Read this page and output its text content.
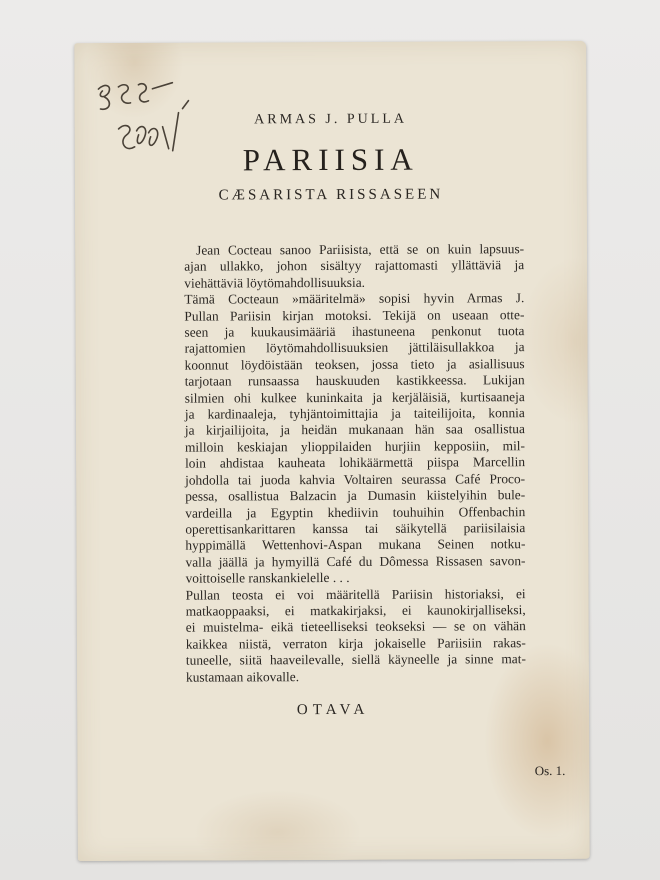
ARMAS J. PULLA
PARIISIA
CÆSARISTA RISSASEEN
Jean Cocteau sanoo Pariisista, että se on kuin lapsuus-
ajan ullakko, johon sisältyy rajattomasti yllättäviä ja
viehättäviä löytömahdollisuuksia.
Tämä Cocteaun »määritelmä» sopisi hyvin Armas J.
Pullan Pariisin kirjan motoksi. Tekijä on useaan otte-
seen ja kuukausimääriä ihastuneena penkonut tuota
rajattomien löytömahdollisuuksien jättiläisullakkoa ja
koonnut löydöistään teoksen, jossa tieto ja asiallisuus
tarjotaan runsaassa hauskuuden kastikkeessa. Lukijan
silmien ohi kulkee kuninkaita ja kerjäläisiä, kurtisaaneja
ja kardinaaleja, tyhjäntoimittajia ja taiteilijoita, konnia
ja kirjailijoita, ja heidän mukanaan hän saa osallistua
milloin keskiajan ylioppilaiden hurjiin kepposiin, mil-
loin ahdistaa kauheata lohikäärmettä piispa Marcellin
johdolla tai juoda kahvia Voltairen seurassa Café Proco-
pessa, osallistua Balzacin ja Dumasin kiistelyihin bule-
vardeilla ja Egyptin khediivin touhuihin Offenbachin
operettisankarittaren kanssa tai säikytellä pariisilaisia
hyppimällä Wettenhovi-Aspan mukana Seinen notku-
valla jäällä ja hymyillä Café du Dômessa Rissasen savon-
voittoiselle ranskankielelle . . .
Pullan teosta ei voi määritellä Pariisin historiaksi, ei
matkaoppaaksi, ei matkakirjaksi, ei kaunokirjalliseksi,
ei muistelma- eikä tieteelliseksi teokseksi — se on vähän
kaikkea niistä, verraton kirja jokaiselle Pariisiin rakas-
tuneelle, siitä haaveilevalle, siellä käyneelle ja sinne mat-
kustamaan aikovalle.
OTAVA
Os. 1.
